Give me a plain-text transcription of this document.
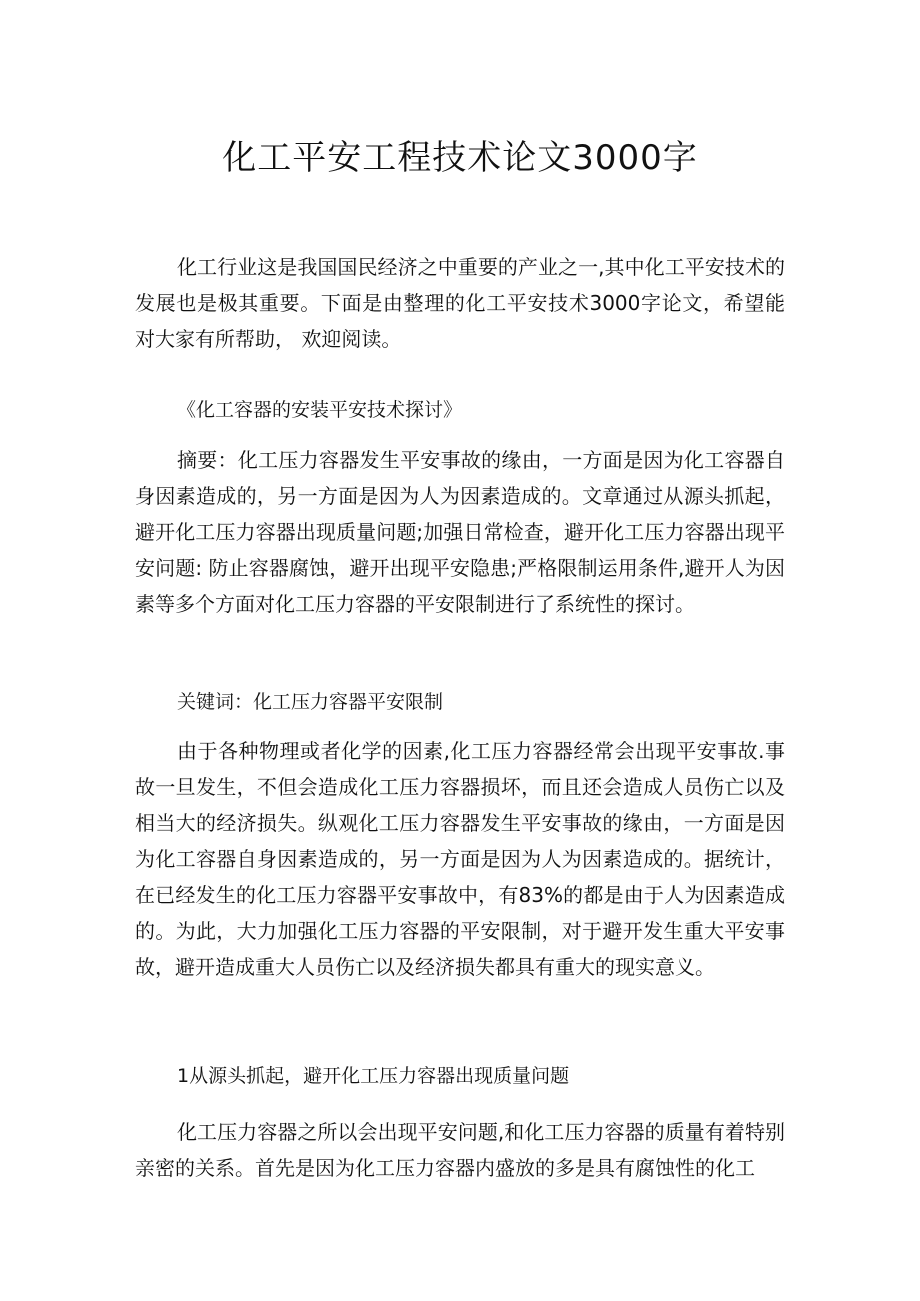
化工平安工程技术论文3000字

化工行业这是我国国民经济之中重要的产业之一,其中化工平安技术的发展也是极其重要。下面是由整理的化工平安技术3000字论文，希望能对大家有所帮助， 欢迎阅读。

《化工容器的安装平安技术探讨》

摘要：化工压力容器发生平安事故的缘由，一方面是因为化工容器自身因素造成的，另一方面是因为人为因素造成的。文章通过从源头抓起，避开化工压力容器出现质量问题;加强日常检查，避开化工压力容器出现平安问题: 防止容器腐蚀，避开出现平安隐患;严格限制运用条件,避开人为因素等多个方面对化工压力容器的平安限制进行了系统性的探讨。

关键词：化工压力容器平安限制

由于各种物理或者化学的因素,化工压力容器经常会出现平安事故.事故一旦发生，不但会造成化工压力容器损坏，而且还会造成人员伤亡以及相当大的经济损失。纵观化工压力容器发生平安事故的缘由，一方面是因为化工容器自身因素造成的，另一方面是因为人为因素造成的。据统计，在已经发生的化工压力容器平安事故中，有83%的都是由于人为因素造成的。为此，大力加强化工压力容器的平安限制，对于避开发生重大平安事故，避开造成重大人员伤亡以及经济损失都具有重大的现实意义。

1从源头抓起，避开化工压力容器出现质量问题

化工压力容器之所以会出现平安问题,和化工压力容器的质量有着特别亲密的关系。首先是因为化工压力容器内盛放的多是具有腐蚀性的化工
